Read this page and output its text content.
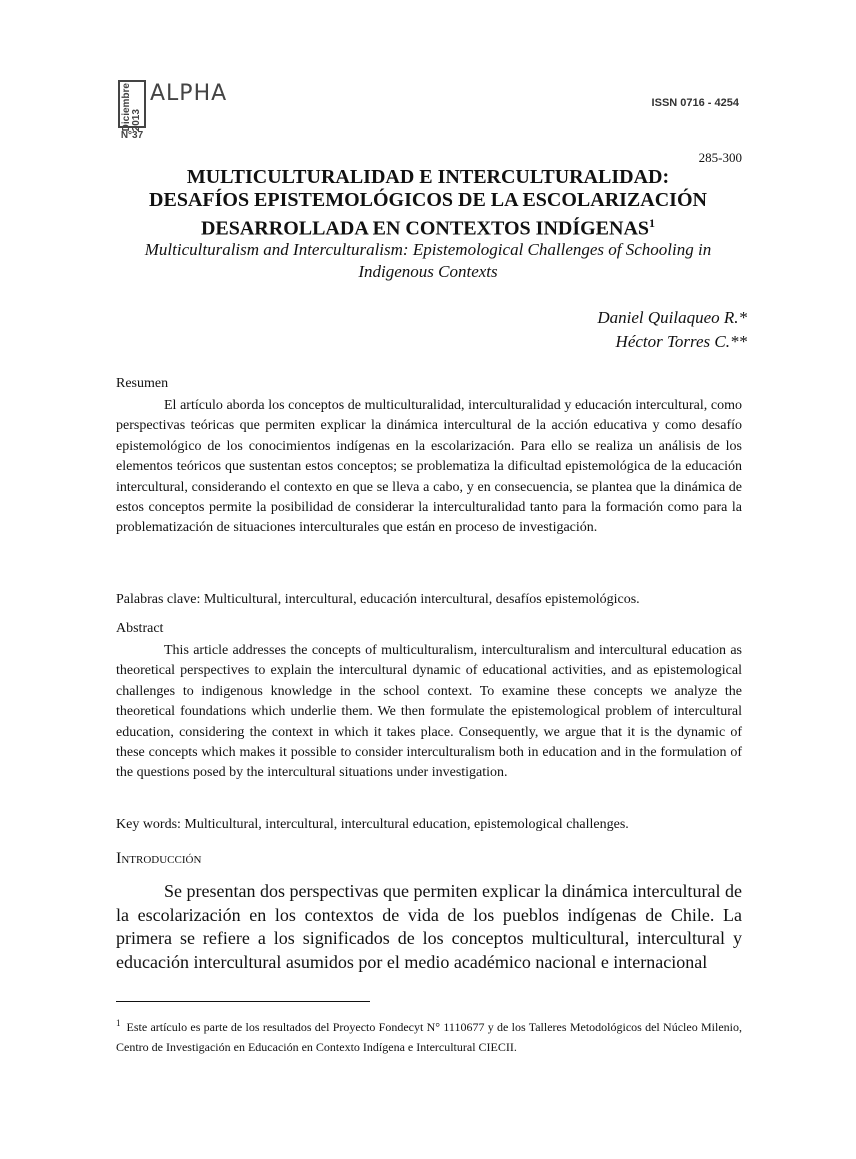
Diciembre 2013
N°37
ALPHA	ISSN 0716 - 4254
285-300
MULTICULTURALIDAD E INTERCULTURALIDAD:
DESAFÍOS EPISTEMOLÓGICOS DE LA ESCOLARIZACIÓN
DESARROLLADA EN CONTEXTOS INDÍGENAS$^1$
Multiculturalism and Interculturalism: Epistemological Challenges of Schooling in Indigenous Contexts
Daniel Quilaqueo R.*
Héctor Torres C.**
Resumen
El artículo aborda los conceptos de multiculturalidad, interculturalidad y educación intercultural, como perspectivas teóricas que permiten explicar la dinámica intercultural de la acción educativa y como desafío epistemológico de los conocimientos indígenas en la escolarización. Para ello se realiza un análisis de los elementos teóricos que sustentan estos conceptos; se problematiza la dificultad epistemológica de la educación intercultural, considerando el contexto en que se lleva a cabo, y en consecuencia, se plantea que la dinámica de estos conceptos permite la posibilidad de considerar la interculturalidad tanto para la formación como para la problematización de situaciones interculturales que están en proceso de investigación.
Palabras clave: Multicultural, intercultural, educación intercultural, desafíos epistemológicos.
Abstract
This article addresses the concepts of multiculturalism, interculturalism and intercultural education as theoretical perspectives to explain the intercultural dynamic of educational activities, and as epistemological challenges to indigenous knowledge in the school context. To examine these concepts we analyze the theoretical foundations which underlie them. We then formulate the epistemological problem of intercultural education, considering the context in which it takes place. Consequently, we argue that it is the dynamic of these concepts which makes it possible to consider interculturalism both in education and in the formulation of the questions posed by the intercultural situations under investigation.
Key words: Multicultural, intercultural, intercultural education, epistemological challenges.
Introducción
Se presentan dos perspectivas que permiten explicar la dinámica intercultural de la escolarización en los contextos de vida de los pueblos indígenas de Chile. La primera se refiere a los significados de los conceptos multicultural, intercultural y educación intercultural asumidos por el medio académico nacional e internacional
$^1$ Este artículo es parte de los resultados del Proyecto Fondecyt N° 1110677 y de los Talleres Metodológicos del Núcleo Milenio, Centro de Investigación en Educación en Contexto Indígena e Intercultural CIECII.
